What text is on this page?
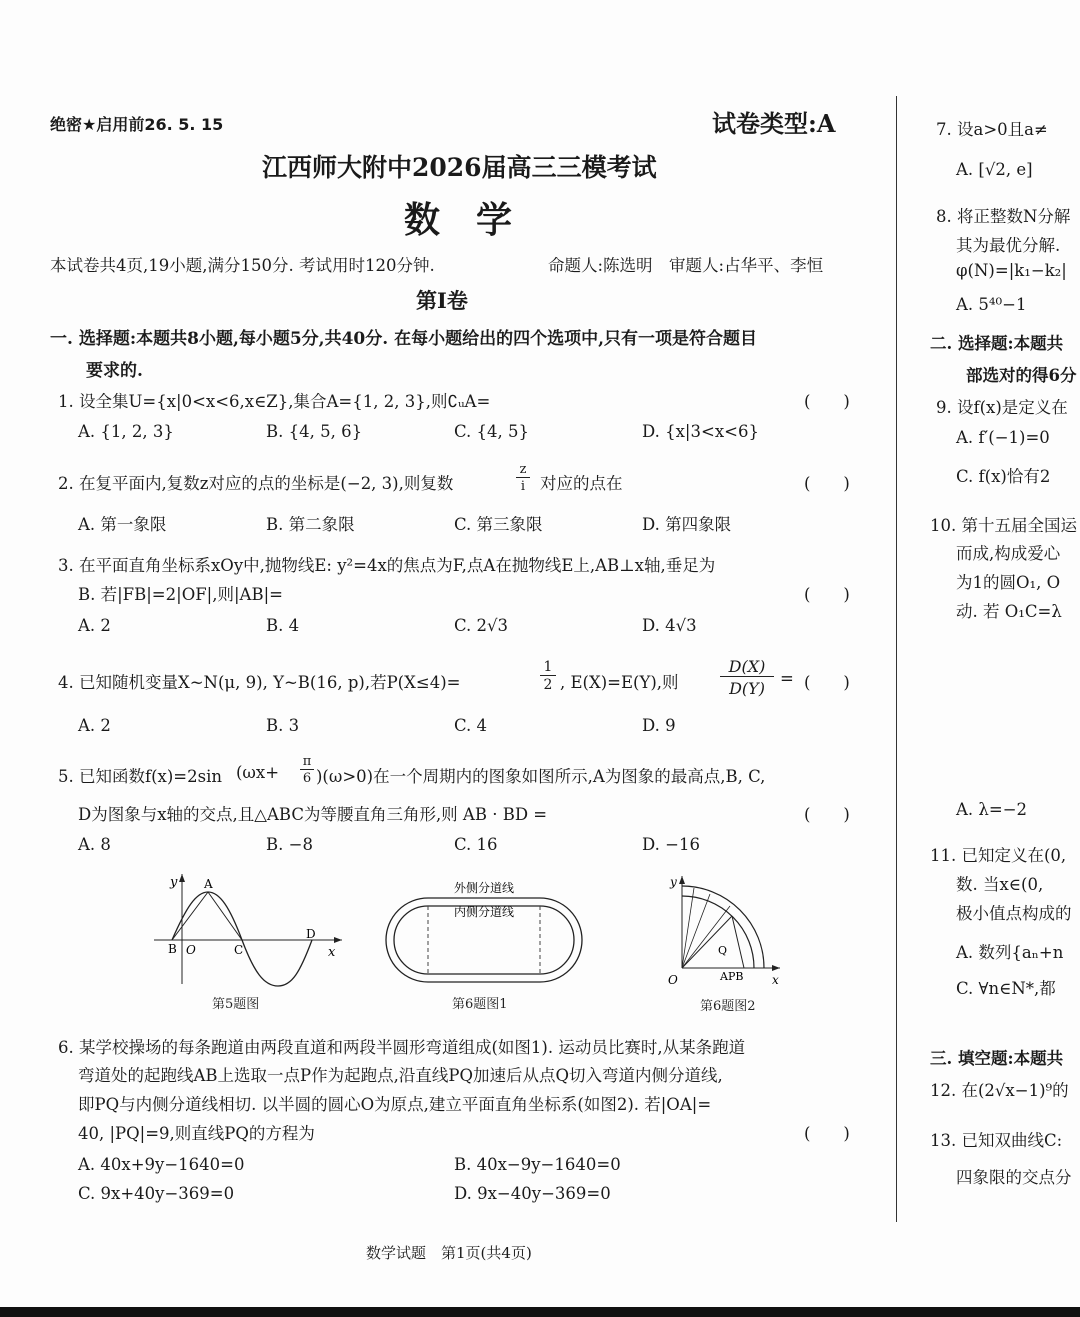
绝密★启用前26. 5. 15	试卷类型:A
江西师大附中2026届高三三模考试
数　学
本试卷共4页,19小题,满分150分. 考试用时120分钟.	命题人:陈选明　审题人:占华平、李恒
第Ⅰ卷
一. 选择题:本题共8小题,每小题5分,共40分. 在每小题给出的四个选项中,只有一项是符合题目
要求的.
1. 设全集U={x|0<x<6,x∈Z},集合A={1, 2, 3},则∁ᵤA=	(　　)
A. {1, 2, 3}	B. {4, 5, 6}	C. {4, 5}	D. {x|3<x<6}
2. 在复平面内,复数z对应的点的坐标是(−2, 3),则复数
z
i 对应的点在	(　　)
A. 第一象限	B. 第二象限	C. 第三象限	D. 第四象限
3. 在平面直角坐标系xOy中,抛物线E: y²=4x的焦点为F,点A在抛物线E上,AB⊥x轴,垂足为
B. 若|FB|=2|OF|,则|AB|=	(　　)
A. 2	B. 4	C. 2√3	D. 4√3
4. 已知随机变量X~N(μ, 9), Y~B(16, p),若P(X≤4)=
1
2 , E(X)=E(Y),则
D(X)
D(Y)
= (　　)
A. 2	B. 3	C. 4	D. 9
5. 已知函数f(x)=2sin (ωx+
π
6 )(ω>0)在一个周期内的图象如图所示,A为图象的最高点,B, C,
D为图象与x轴的交点,且△ABC为等腰直角三角形,则 AB · BD =	(　　)
A. 8	B. −8	C. 16	D. −16
y A
B O	C
D
x
第5题图
外侧分道线
内侧分道线
第6题图1
y
O
Q
APB x
第6题图2
6. 某学校操场的每条跑道由两段直道和两段半圆形弯道组成(如图1). 运动员比赛时,从某条跑道
弯道处的起跑线AB上选取一点P作为起跑点,沿直线PQ加速后从点Q切入弯道内侧分道线,
即PQ与内侧分道线相切. 以半圆的圆心O为原点,建立平面直角坐标系(如图2). 若|OA|=
40, |PQ|=9,则直线PQ的方程为	(　　)
A. 40x+9y−1640=0	B. 40x−9y−1640=0
C. 9x+40y−369=0	D. 9x−40y−369=0
数学试题　第1页(共4页)
7. 设a>0且a≠
A. [√2, e]
8. 将正整数N分解
其为最优分解.
φ(N)=|k₁−k₂|
A. 5⁴⁰−1
二. 选择题:本题共
部选对的得6分
9. 设f(x)是定义在
A. f′(−1)=0
C. f(x)恰有2
10. 第十五届全国运
而成,构成爱心
为1的圆O₁, O
动. 若 O₁C=λ
A. λ=−2
11. 已知定义在(0,
数. 当x∈(0,
极小值点构成的
A. 数列{aₙ+n
C. ∀n∈N*,都
三. 填空题:本题共
12. 在(2√x−1)⁹的
13. 已知双曲线C:
四象限的交点分
